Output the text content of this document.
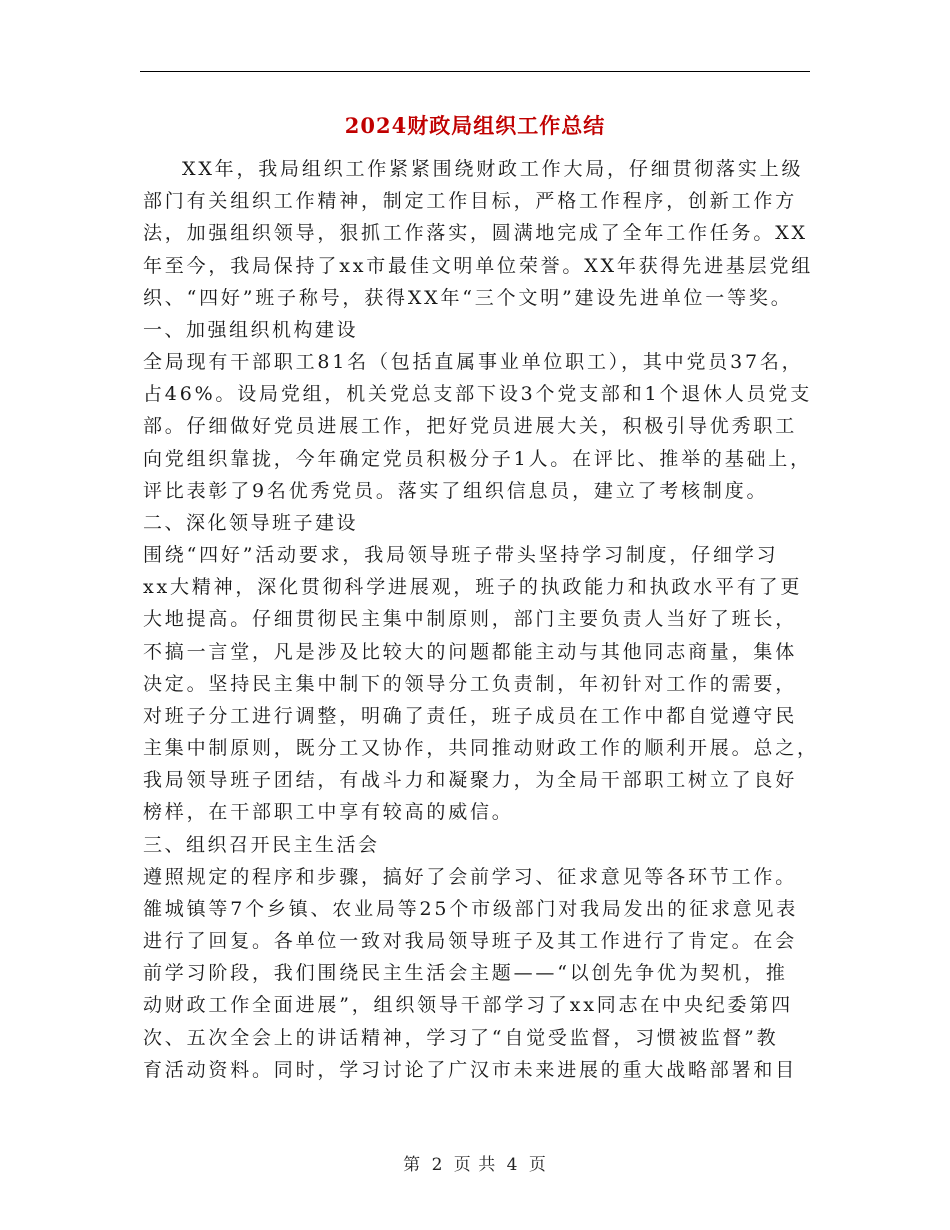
2024财政局组织工作总结
XX年，我局组织工作紧紧围绕财政工作大局，仔细贯彻落实上级
部门有关组织工作精神，制定工作目标，严格工作程序，创新工作方
法，加强组织领导，狠抓工作落实，圆满地完成了全年工作任务。XX
年至今，我局保持了xx市最佳文明单位荣誉。XX年获得先进基层党组
织、“四好”班子称号，获得XX年“三个文明”建设先进单位一等奖。
一、加强组织机构建设
全局现有干部职工81名（包括直属事业单位职工），其中党员37名，
占46%。设局党组，机关党总支部下设3个党支部和1个退休人员党支
部。仔细做好党员进展工作，把好党员进展大关，积极引导优秀职工
向党组织靠拢，今年确定党员积极分子1人。在评比、推举的基础上，
评比表彰了9名优秀党员。落实了组织信息员，建立了考核制度。
二、深化领导班子建设
围绕“四好”活动要求，我局领导班子带头坚持学习制度，仔细学习
xx大精神，深化贯彻科学进展观，班子的执政能力和执政水平有了更
大地提高。仔细贯彻民主集中制原则，部门主要负责人当好了班长，
不搞一言堂，凡是涉及比较大的问题都能主动与其他同志商量，集体
决定。坚持民主集中制下的领导分工负责制，年初针对工作的需要，
对班子分工进行调整，明确了责任，班子成员在工作中都自觉遵守民
主集中制原则，既分工又协作，共同推动财政工作的顺利开展。总之，
我局领导班子团结，有战斗力和凝聚力，为全局干部职工树立了良好
榜样，在干部职工中享有较高的威信。
三、组织召开民主生活会
遵照规定的程序和步骤，搞好了会前学习、征求意见等各环节工作。
雒城镇等7个乡镇、农业局等25个市级部门对我局发出的征求意见表
进行了回复。各单位一致对我局领导班子及其工作进行了肯定。在会
前学习阶段，我们围绕民主生活会主题——“以创先争优为契机，推
动财政工作全面进展”，组织领导干部学习了xx同志在中央纪委第四
次、五次全会上的讲话精神，学习了“自觉受监督，习惯被监督”教
育活动资料。同时，学习讨论了广汉市未来进展的重大战略部署和目
第 2 页 共 4 页
